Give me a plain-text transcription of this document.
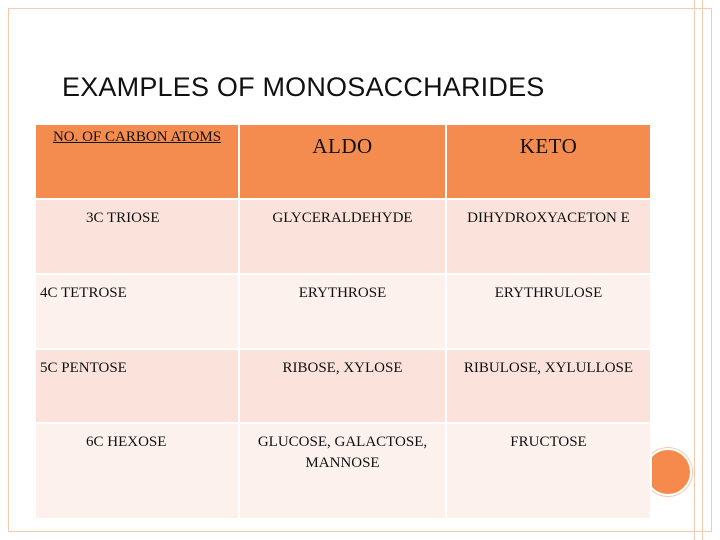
EXAMPLES OF MONOSACCHARIDES
NO. OF CARBON ATOMS	ALDO	KETO
3C TRIOSE	GLYCERALDEHYDE	DIHYDROXYACETON E
4C TETROSE	ERYTHROSE	ERYTHRULOSE
5C PENTOSE	RIBOSE, XYLOSE	RIBULOSE, XYLULLOSE
6C HEXOSE	GLUCOSE, GALACTOSE, MANNOSE	FRUCTOSE
